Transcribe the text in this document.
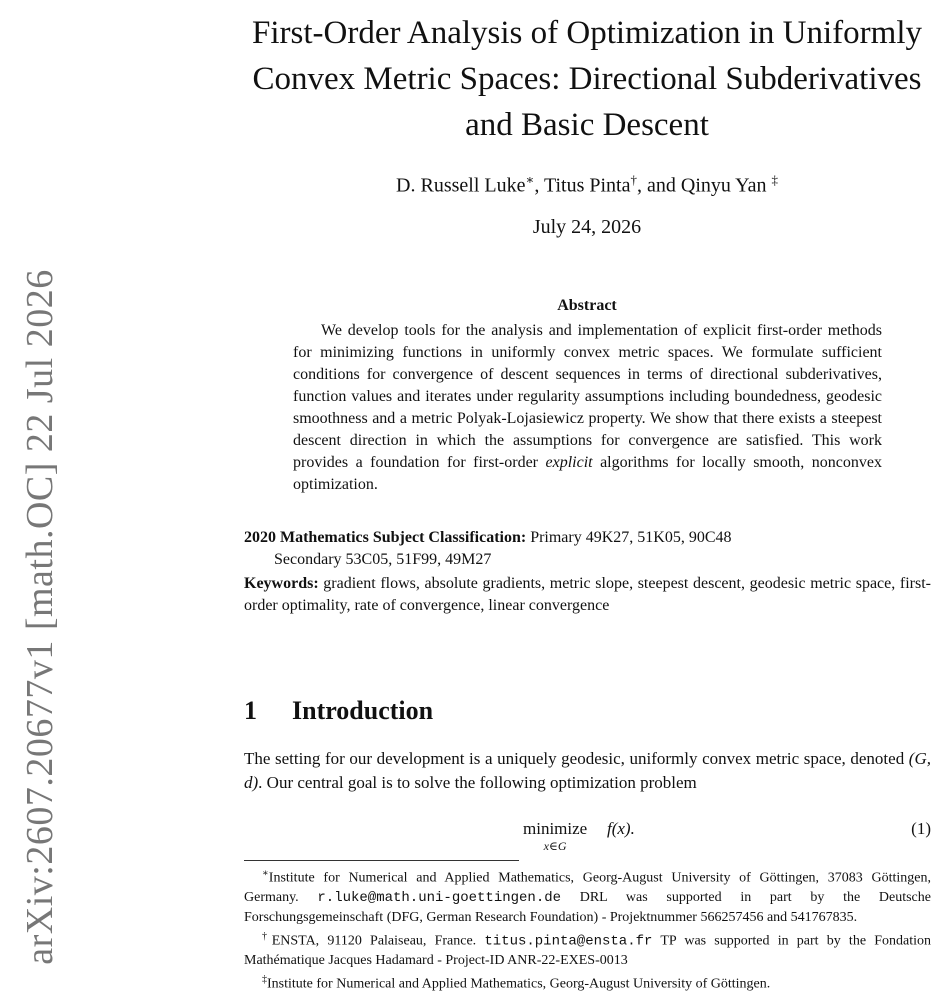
arXiv:2607.20677v1 [math.OC] 22 Jul 2026
First-Order Analysis of Optimization in Uniformly Convex Metric Spaces: Directional Subderivatives and Basic Descent
D. Russell Luke∗, Titus Pinta†, and Qinyu Yan ‡
July 24, 2026
Abstract

We develop tools for the analysis and implementation of explicit first-order methods for minimizing functions in uniformly convex metric spaces. We formulate sufficient conditions for convergence of descent sequences in terms of directional subderivatives, function values and iterates under regularity assumptions including boundedness, geodesic smoothness and a metric Polyak-Lojasiewicz property. We show that there exists a steepest descent direction in which the assumptions for convergence are satisfied. This work provides a foundation for first-order explicit algorithms for locally smooth, nonconvex optimization.

2020 Mathematics Subject Classification: Primary 49K27, 51K05, 90C48
Secondary 53C05, 51F99, 49M27

Keywords: gradient flows, absolute gradients, metric slope, steepest descent, geodesic metric space, first-order optimality, rate of convergence, linear convergence

1 Introduction

The setting for our development is a uniquely geodesic, uniformly convex metric space, denoted (G, d). Our central goal is to solve the following optimization problem

minimize
x∈G
f(x).	(1)

∗Institute for Numerical and Applied Mathematics, Georg-August University of Göttingen, 37083 Göttingen, Germany. r.luke@math.uni-goettingen.de DRL was supported in part by the Deutsche Forschungsgemeinschaft (DFG, German Research Foundation) - Projektnummer 566257456 and 541767835.

†ENSTA, 91120 Palaiseau, France. titus.pinta@ensta.fr TP was supported in part by the Fondation Mathématique Jacques Hadamard - Project-ID ANR-22-EXES-0013

‡Institute for Numerical and Applied Mathematics, Georg-August University of Göttingen.
